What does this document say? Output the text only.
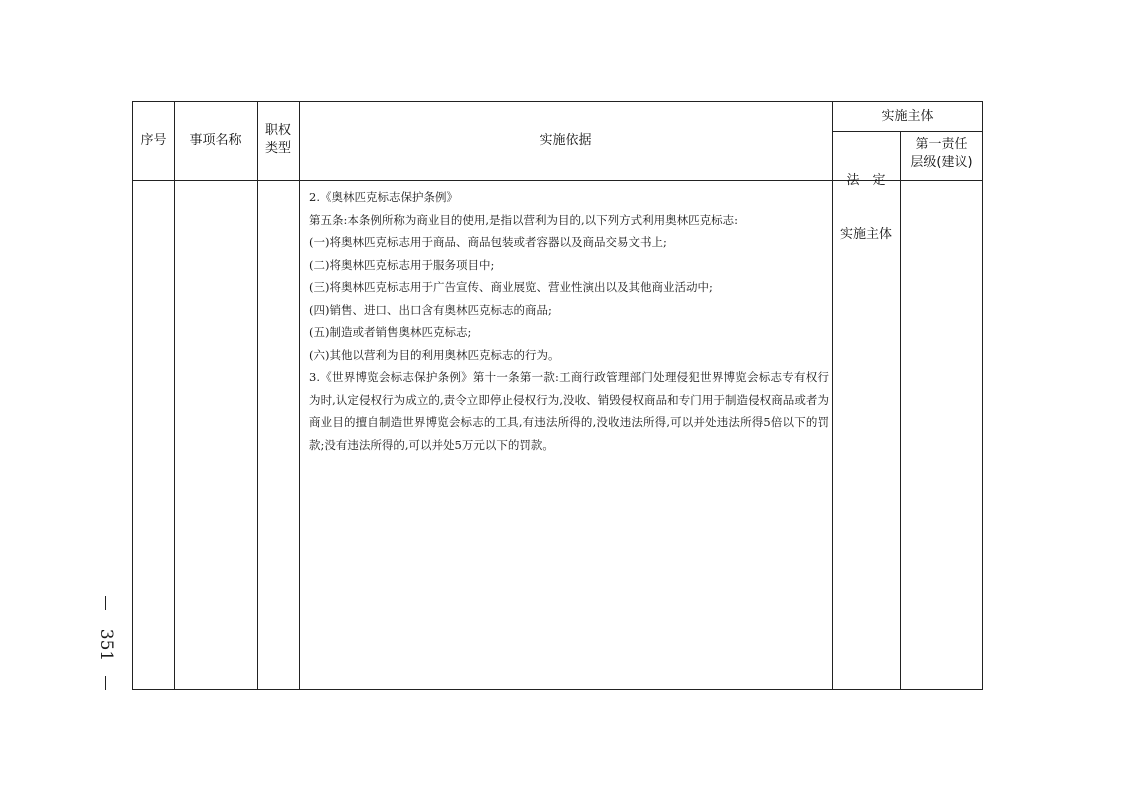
序号	事项名称
职权
类型
实施依据
实施主体

法　定

实施主体

第一责任
层级(建议)

2.《奥林匹克标志保护条例》

第五条:本条例所称为商业目的使用,是指以营利为目的,以下列方式利用奥林匹克标志:

(一)将奥林匹克标志用于商品、商品包装或者容器以及商品交易文书上;

(二)将奥林匹克标志用于服务项目中;

(三)将奥林匹克标志用于广告宣传、商业展览、营业性演出以及其他商业活动中;

(四)销售、进口、出口含有奥林匹克标志的商品;

(五)制造或者销售奥林匹克标志;

(六)其他以营利为目的利用奥林匹克标志的行为。

3.《世界博览会标志保护条例》第十一条第一款:工商行政管理部门处理侵犯世界博览会标志专有权行为时,认定侵权行为成立的,责令立即停止侵权行为,没收、销毁侵权商品和专门用于制造侵权商品或者为商业目的擅自制造世界博览会标志的工具,有违法所得的,没收违法所得,可以并处违法所得5倍以下的罚款;没有违法所得的,可以并处5万元以下的罚款。

351
